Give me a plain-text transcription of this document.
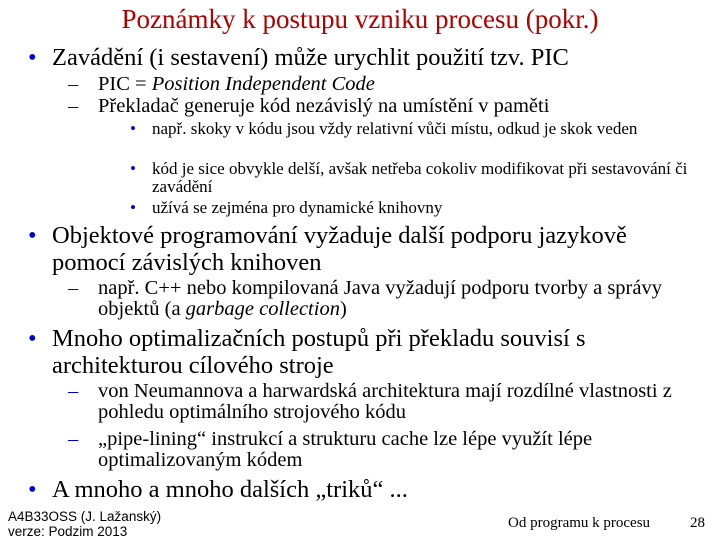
Poznámky k postupu vzniku procesu (pokr.)
• Zavádění (i sestavení) může urychlit použití tzv. PIC
– PIC = Position Independent Code
– Překladač generuje kód nezávislý na umístění v paměti
• např. skoky v kódu jsou vždy relativní vůči místu, odkud je skok veden
• kód je sice obvykle delší, avšak netřeba cokoliv modifikovat při sestavování či zavádění
• užívá se zejména pro dynamické knihovny
• Objektové programování vyžaduje další podporu jazykově pomocí závislých knihoven
– např. C++ nebo kompilovaná Java vyžadují podporu tvorby a správy objektů (a garbage collection)
• Mnoho optimalizačních postupů při překladu souvisí s architekturou cílového stroje
– von Neumannova a harwardská architektura mají rozdílné vlastnosti z pohledu optimálního strojového kódu
– „pipe-lining“ instrukcí a strukturu cache lze lépe využít lépe optimalizovaným kódem
• A mnoho a mnoho dalších „triků“ ...
A4B33OSS (J. Lažanský)
verze: Podzim 2013
Od programu k procesu	28
